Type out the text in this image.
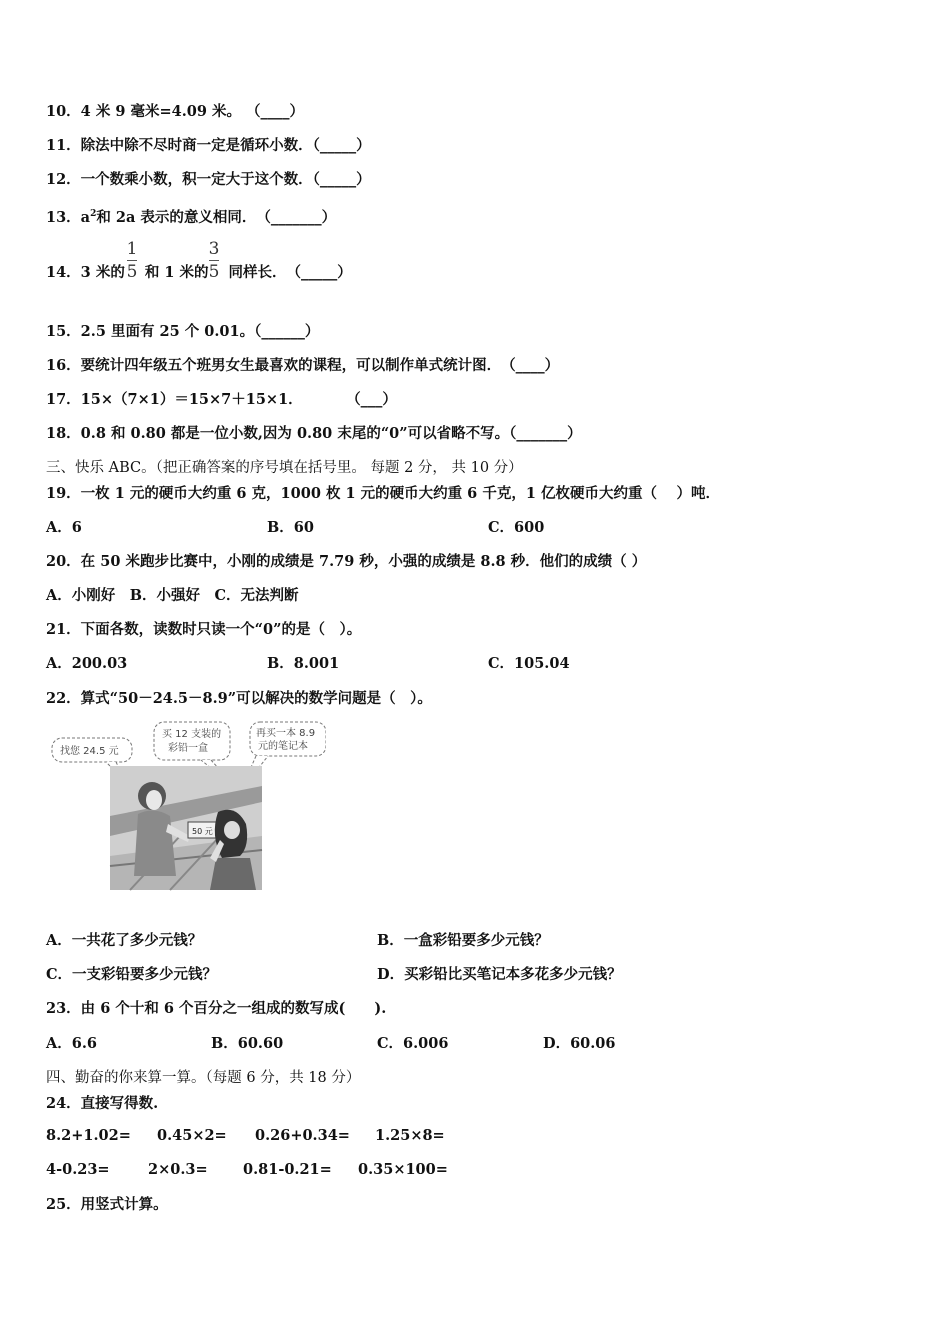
10．4 米 9 毫米=4.09 米。 （____）
11．除法中除不尽时商一定是循环小数．（_____）
12．一个数乘小数，积一定大于这个数．（_____）
13．$a^2$和 2a 表示的意义相同．　（_______）
14．3 米的 和 1 米的 同样长．　（_____）
1
5
3
5
15．2.5 里面有 25 个 0.01。（______）
16．要统计四年级五个班男女生最喜欢的课程，可以制作单式统计图．　（____）
17．15×（7×1）＝15×7＋15×1．　　　　（___）
18．0.8 和 0.80 都是一位小数,因为 0.80 末尾的“0”可以省略不写。（_______）
三、快乐 ABC。（把正确答案的序号填在括号里。 每题 2 分， 共 10 分）
19．一枚 1 元的硬币大约重 6 克，1000 枚 1 元的硬币大约重 6 千克，1 亿枚硬币大约重（　 ）吨．
A．6	B．60	C．600
20．在 50 米跑步比赛中，小刚的成绩是 7.79 秒，小强的成绩是 8.8 秒．他们的成绩（ ）
A．小刚好　B．小强好　C．无法判断
21．下面各数，读数时只读一个“0”的是（　）。
A．200.03	B．8.001	C．105.04
22．算式“50－24.5－8.9”可以解决的数学问题是（　）。
找您 24.5 元
买 12 支装的
彩铅一盒
再买一本 8.9
元的笔记本
50 元
A．一共花了多少元钱？	B．一盒彩铅要多少元钱？
C．一支彩铅要多少元钱？	D．买彩铅比买笔记本多花多少元钱？
23．由 6 个十和 6 个百分之一组成的数写成(　　).
A．6.6	B．60.60	C．6.006	D．60.06
四、勤奋的你来算一算。（每题 6 分，共 18 分）
24．直接写得数.
8.2+1.02= 0.45×2= 0.26+0.34= 1.25×8=
4-0.23=	2×0.3= 0.81-0.21= 0.35×100=
25．用竖式计算。
